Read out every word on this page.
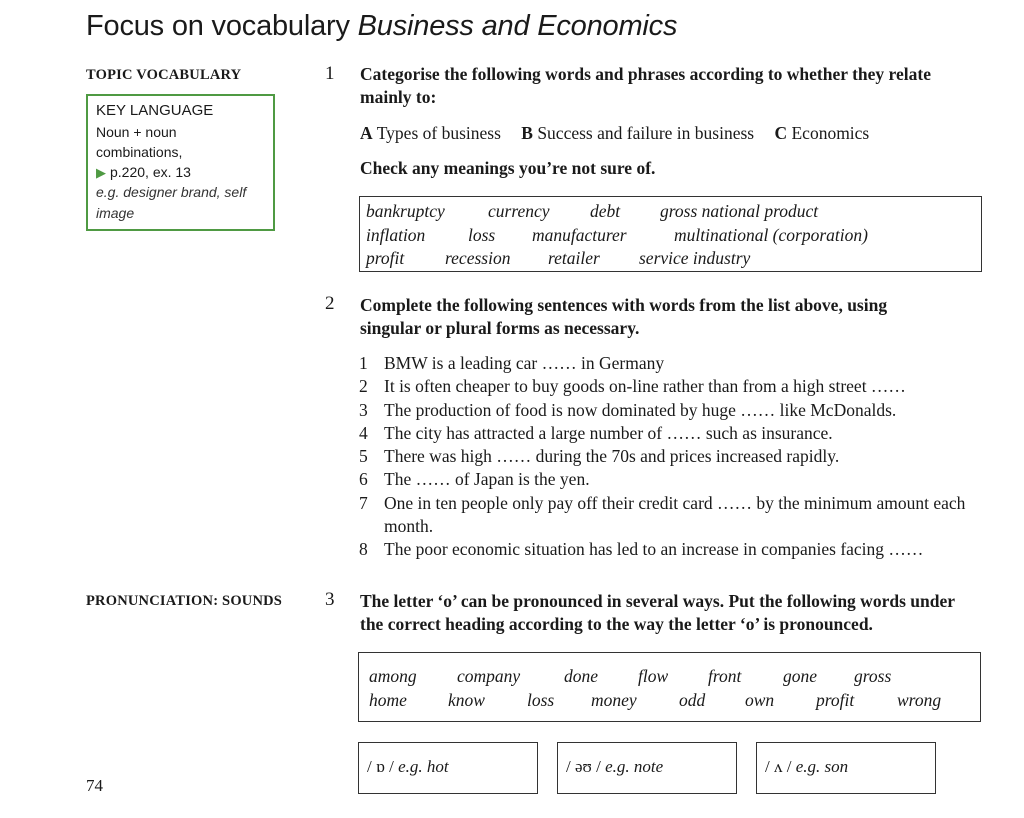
Focus on vocabulary Business and Economics
TOPIC VOCABULARY
KEY LANGUAGE
Noun + noun
combinations,
▶ p.220, ex. 13
e.g. designer brand, self
image
PRONUNCIATION: SOUNDS
1 Categorise the following words and phrases according to whether they relate
mainly to:
A Types of business B Success and failure in business C Economics
Check any meanings you’re not sure of.
bankruptcy currency debt gross national product
inflation loss manufacturer	multinational (corporation)
profit recession retailer service industry
2 Complete the following sentences with words from the list above, using
singular or plural forms as necessary.
1 BMW is a leading car …… in Germany
2 It is often cheaper to buy goods on-line rather than from a high street ……
3 The production of food is now dominated by huge …… like McDonalds.
4 The city has attracted a large number of …… such as insurance.
5 There was high …… during the 70s and prices increased rapidly.
6 The …… of Japan is the yen.
7 One in ten people only pay off their credit card …… by the minimum amount each month.
8 The poor economic situation has led to an increase in companies facing ……
3 The letter ‘o’ can be pronounced in several ways. Put the following words under
the correct heading according to the way the letter ‘o’ is pronounced.
among company	done flow front gone gross
home know loss money odd own profit wrong
/ ɒ / e.g. hot	/ əʊ / e.g. note	/ ʌ / e.g. son
74
